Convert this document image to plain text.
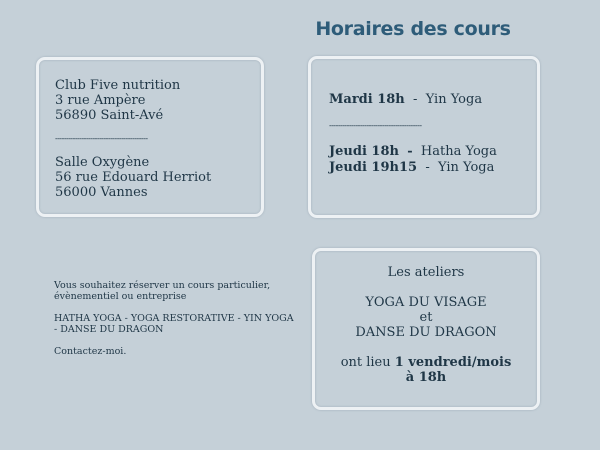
Horaires des cours
Club Five nutrition
3 rue Ampère
56890 Saint-Avé
------------------------------------------
Salle Oxygène
56 rue Edouard Herriot
56000 Vannes
Mardi 18h - Yin Yoga
------------------------------------------
Jeudi 18h - Hatha Yoga
Jeudi 19h15 - Yin Yoga
Vous souhaitez réserver un cours particulier, évènementiel ou entreprise
HATHA YOGA - YOGA RESTORATIVE - YIN YOGA - DANSE DU DRAGON
Contactez-moi.
Les ateliers
YOGA DU VISAGE
et
DANSE DU DRAGON
ont lieu 1 vendredi/mois
à 18h
